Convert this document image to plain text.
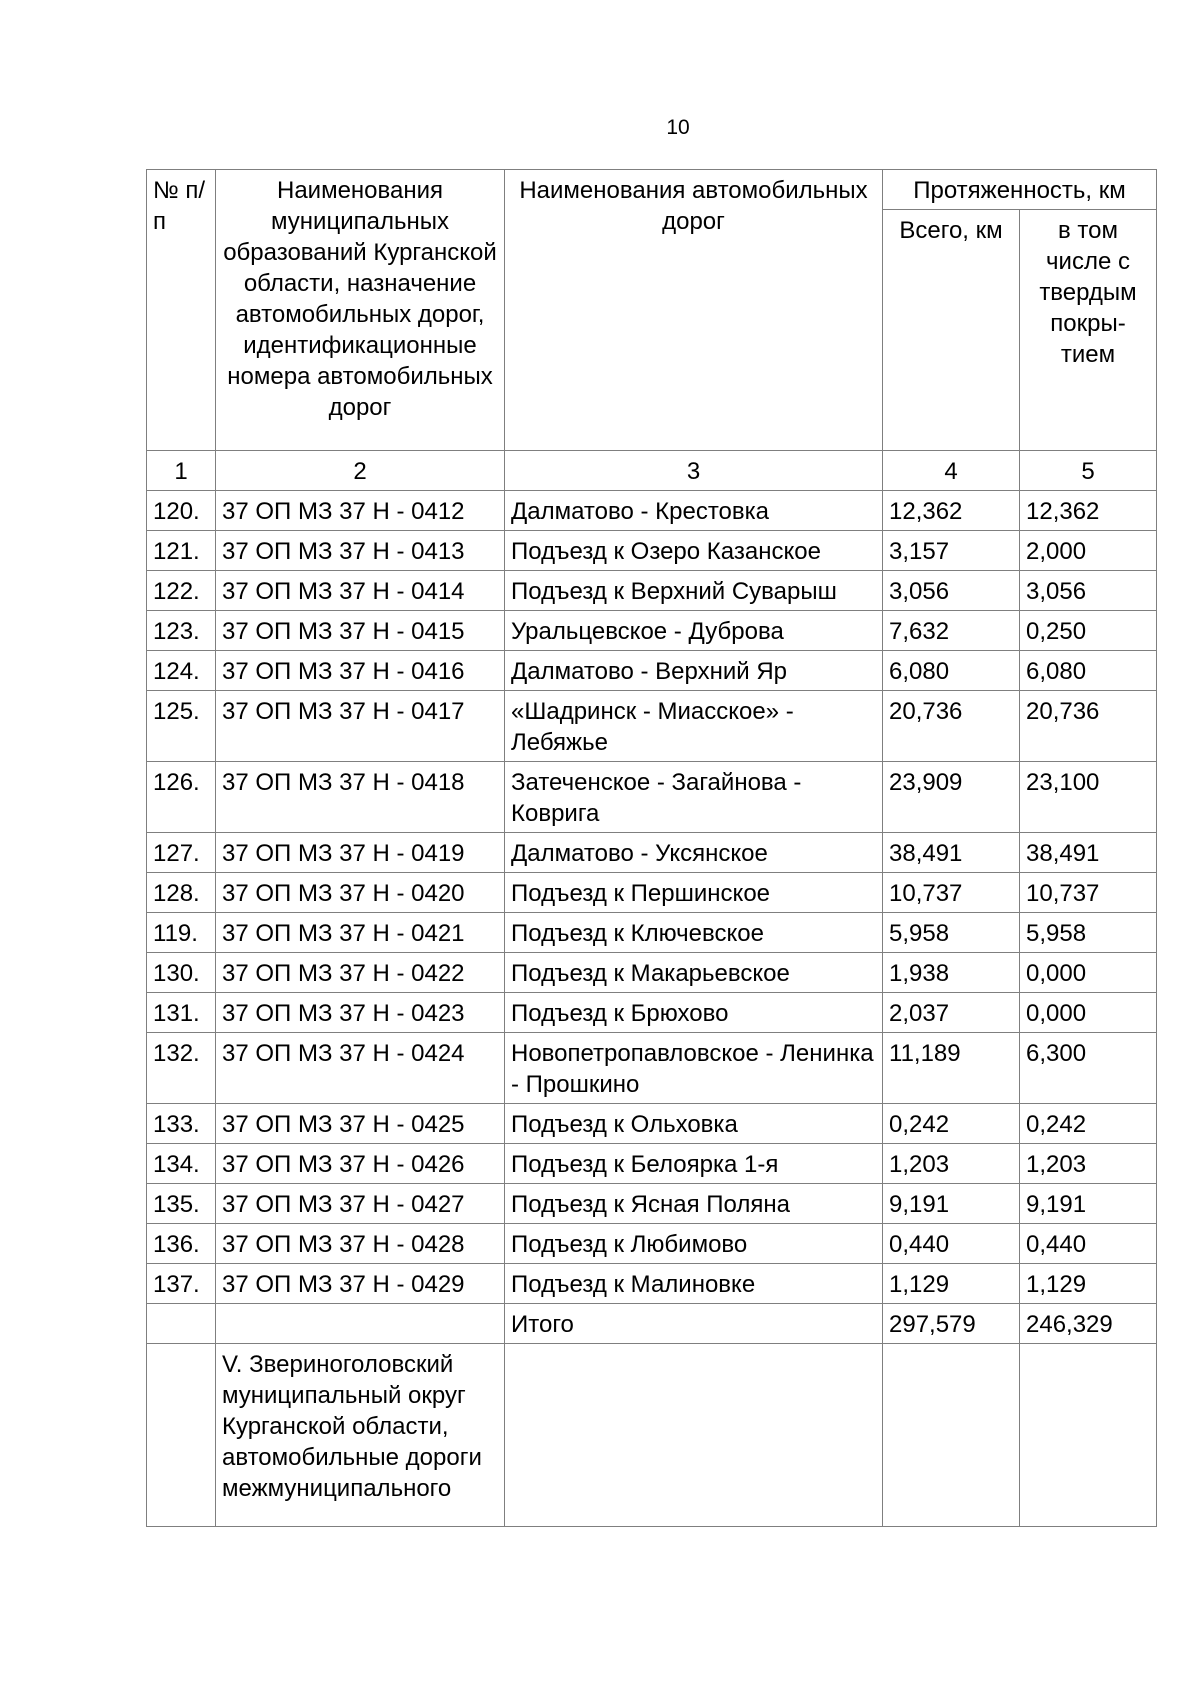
10
№ п/п	Наименования муниципальных образований Курганской области, назначение автомобильных дорог, идентификационные номера автомобильных дорог	Наименования автомобильных дорог	Протяженность, км	
			Всего, км	в том числе с твердым покры-тием
1	2	3	4	5
120.	37 ОП МЗ 37 Н - 0412	Далматово - Крестовка	12,362	12,362
121.	37 ОП МЗ 37 Н - 0413	Подъезд к Озеро Казанское	3,157	2,000
122.	37 ОП МЗ 37 Н - 0414	Подъезд к Верхний Суварыш	3,056	3,056
123.	37 ОП МЗ 37 Н - 0415	Уральцевское - Дуброва	7,632	0,250
124.	37 ОП МЗ 37 Н - 0416	Далматово - Верхний Яр	6,080	6,080
125.	37 ОП МЗ 37 Н - 0417	«Шадринск - Миасское» - Лебяжье	20,736	20,736
126.	37 ОП МЗ 37 Н - 0418	Затеченское - Загайнова - Коврига	23,909	23,100
127.	37 ОП МЗ 37 Н - 0419	Далматово - Уксянское	38,491	38,491
128.	37 ОП МЗ 37 Н - 0420	Подъезд к Першинское	10,737	10,737
119.	37 ОП МЗ 37 Н - 0421	Подъезд к Ключевское	5,958	5,958
130.	37 ОП МЗ 37 Н - 0422	Подъезд к Макарьевское	1,938	0,000
131.	37 ОП МЗ 37 Н - 0423	Подъезд к Брюхово	2,037	0,000
132.	37 ОП МЗ 37 Н - 0424	Новопетропавловское - Ленинка - Прошкино	11,189	6,300
133.	37 ОП МЗ 37 Н - 0425	Подъезд к Ольховка	0,242	0,242
134.	37 ОП МЗ 37 Н - 0426	Подъезд к Белоярка 1-я	1,203	1,203
135.	37 ОП МЗ 37 Н - 0427	Подъезд к Ясная Поляна	9,191	9,191
136.	37 ОП МЗ 37 Н - 0428	Подъезд к Любимово	0,440	0,440
137.	37 ОП МЗ 37 Н - 0429	Подъезд к Малиновке	1,129	1,129
		Итого	297,579	246,329
	V. Звериноголовский муниципальный округ Курганской области, автомобильные дороги межмуниципального			
